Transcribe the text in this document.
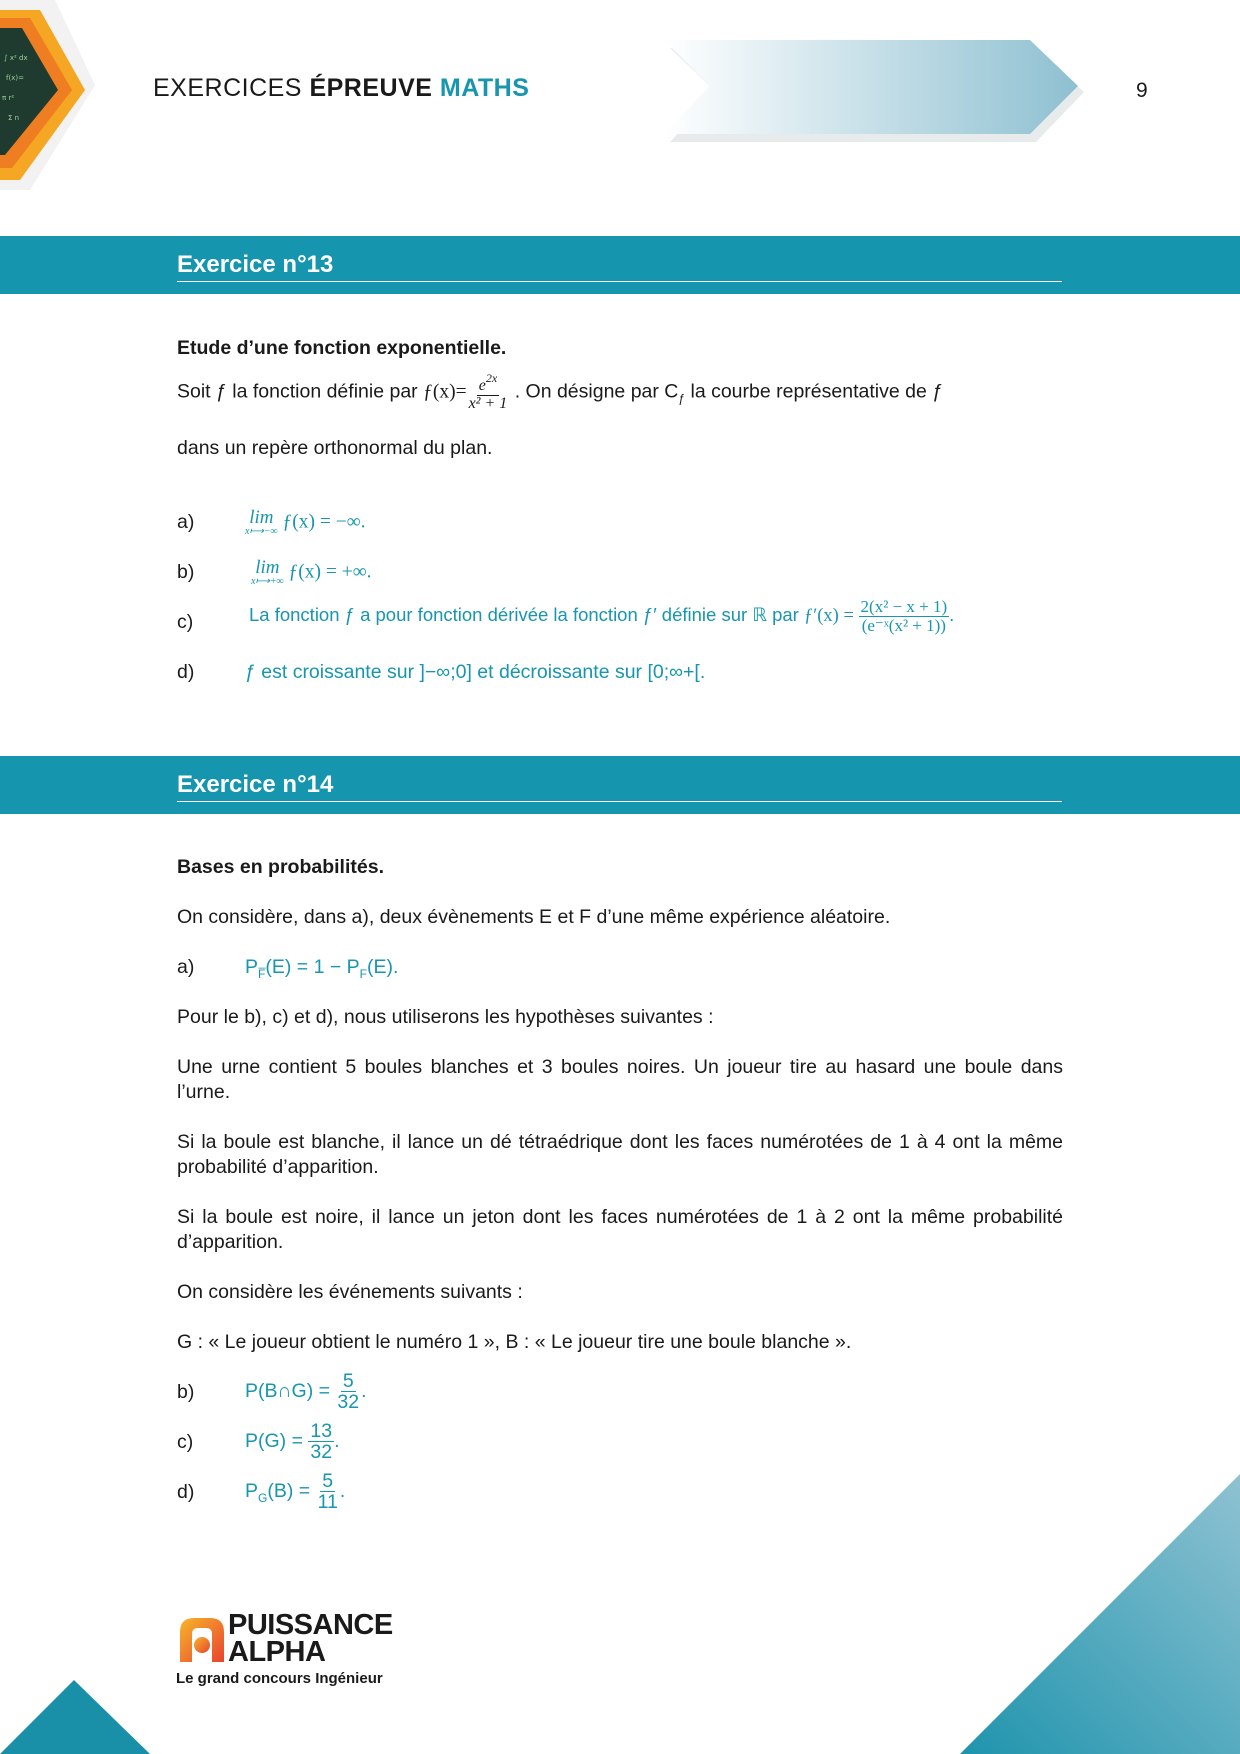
∫ x² dx
f(x)=
π r²
Σ n
EXERCICES ÉPREUVE MATHS	9
Exercice n°13
Etude d’une fonction exponentielle.
Soit ƒ la fonction définie par ƒ(x)= $\frac{e^{2x}}{\text{x² + 1}}$ . On désigne par $C_ƒ$ la courbe représentative de ƒ
dans un repère orthonormal du plan.
a)	lim
x⟼−∞ ƒ(x) = −∞.
b)	lim
x⟼+∞ ƒ(x) = +∞.
c)	La fonction ƒ a pour fonction dérivée la fonction ƒ′ définie sur ℝ par ƒ′(x) = $\frac{\text{2(x² − x + 1)}}{\text{(e⁻ˣ(x² + 1))}}$ .
d)	ƒ est croissante sur ]−∞;0] et décroissante sur [0;∞+[.
Exercice n°14
Bases en probabilités.
On considère, dans a), deux évènements E et F d’une même expérience aléatoire.
a)	$P_{F̅}(E) = 1 - P_F(E)$.
Pour le b), c) et d), nous utiliserons les hypothèses suivantes :
Une urne contient 5 boules blanches et 3 boules noires. Un joueur tire au hasard une boule dans l’urne.
Si la boule est blanche, il lance un dé tétraédrique dont les faces numérotées de 1 à 4 ont la même probabilité d’apparition.
Si la boule est noire, il lance un jeton dont les faces numérotées de 1 à 2 ont la même probabilité d’apparition.
On considère les événements suivants :
G : « Le joueur obtient le numéro 1 », B : « Le joueur tire une boule blanche ».
b)	P(B∩G) = $\frac{5}{32}$ .
c)	$P(G) = \frac{13}{32}$ .
d)	$P_G(B) = \frac{5}{11}$ .
PUISSANCE
ALPHA
Le grand concours Ingénieur
